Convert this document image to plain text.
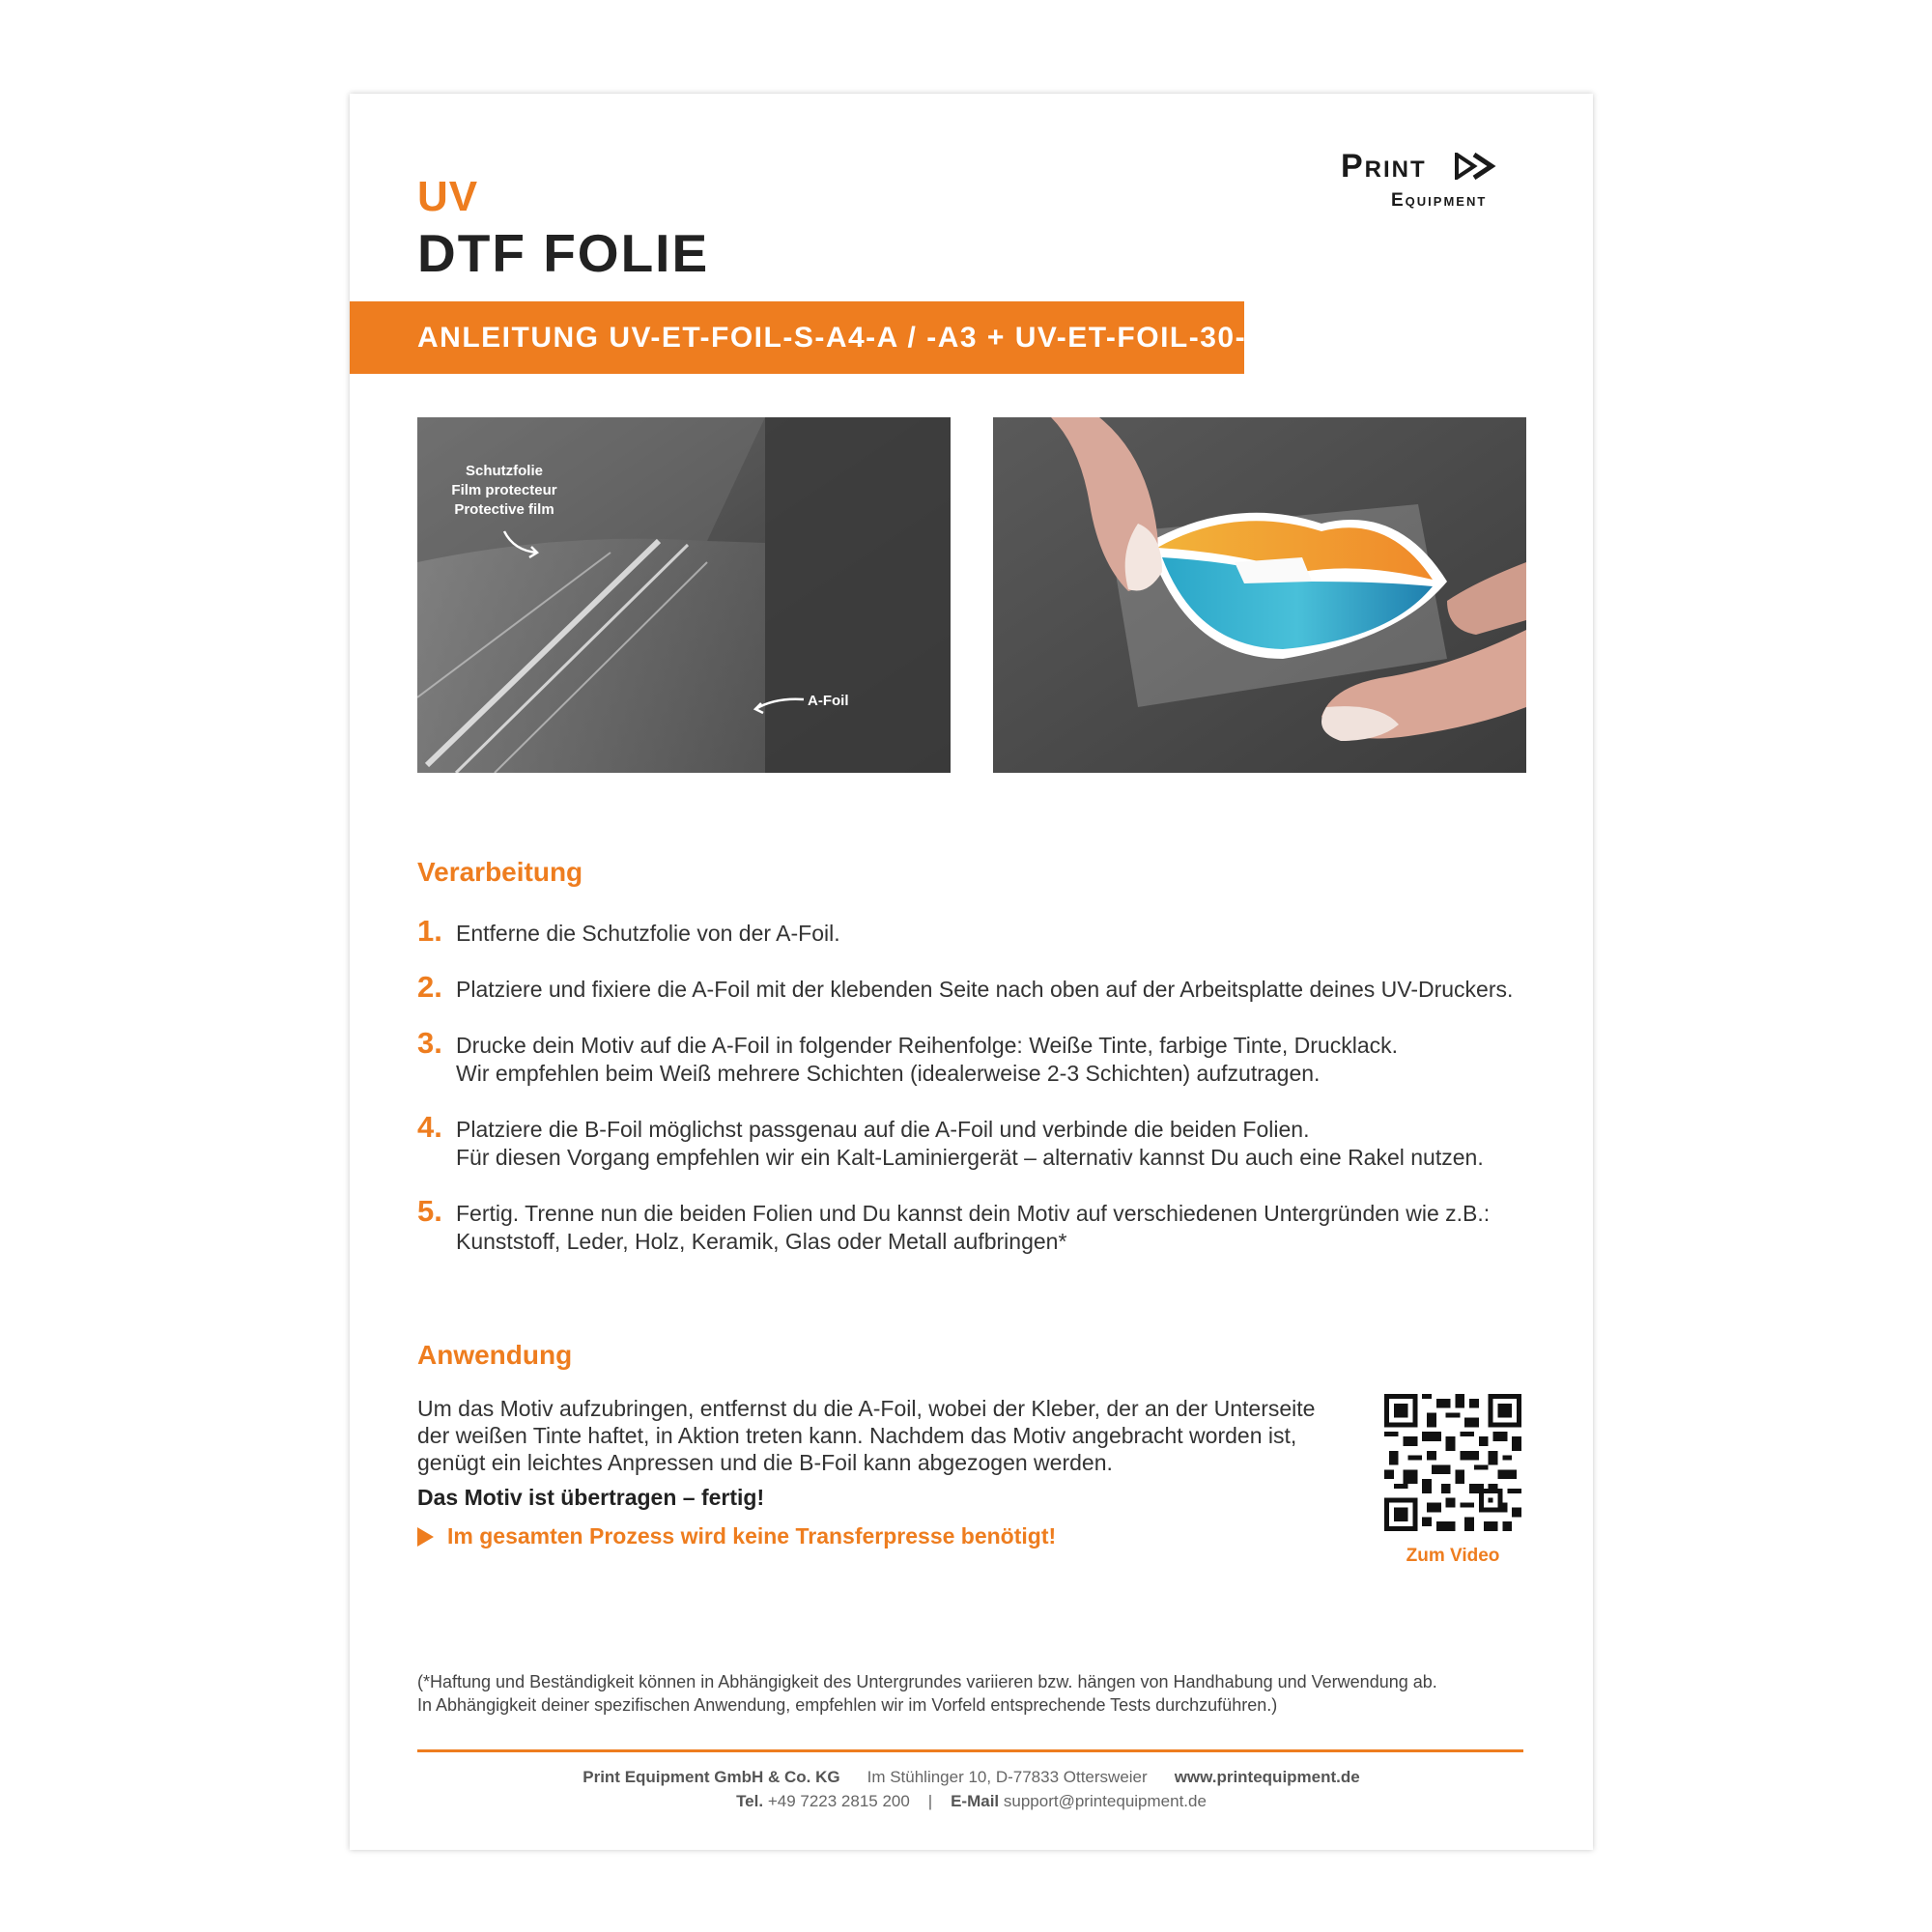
UV
DTF FOLIE
Print
Equipment
ANLEITUNG UV-ET-FOIL-S-A4-A / -A3 + UV-ET-FOIL-30-B
Schutzfolie
Film protecteur
Protective film
A-Foil
Verarbeitung
1. Entferne die Schutzfolie von der A-Foil.
2. Platziere und fixiere die A-Foil mit der klebenden Seite nach oben auf der Arbeitsplatte deines UV-Druckers.
3. Drucke dein Motiv auf die A-Foil in folgender Reihenfolge: Weiße Tinte, farbige Tinte, Drucklack.
Wir empfehlen beim Weiß mehrere Schichten (idealerweise 2-3 Schichten) aufzutragen.
4. Platziere die B-Foil möglichst passgenau auf die A-Foil und verbinde die beiden Folien.
Für diesen Vorgang empfehlen wir ein Kalt-Laminiergerät – alternativ kannst Du auch eine Rakel nutzen.
5. Fertig. Trenne nun die beiden Folien und Du kannst dein Motiv auf verschiedenen Untergründen wie z.B.:
Kunststoff, Leder, Holz, Keramik, Glas oder Metall aufbringen*
Anwendung
Um das Motiv aufzubringen, entfernst du die A-Foil, wobei der Kleber, der an der Unterseite
der weißen Tinte haftet, in Aktion treten kann. Nachdem das Motiv angebracht worden ist,
genügt ein leichtes Anpressen und die B-Foil kann abgezogen werden.
Das Motiv ist übertragen – fertig!
Im gesamten Prozess wird keine Transferpresse benötigt!
Zum Video
(*Haftung und Beständigkeit können in Abhängigkeit des Untergrundes variieren bzw. hängen von Handhabung und Verwendung ab.
In Abhängigkeit deiner spezifischen Anwendung, empfehlen wir im Vorfeld entsprechende Tests durchzuführen.)
Print Equipment GmbH & Co. KG Im Stühlinger 10, D-77833 Ottersweier www.printequipment.de
Tel. +49 7223 2815 200 | E-Mail support@printequipment.de
